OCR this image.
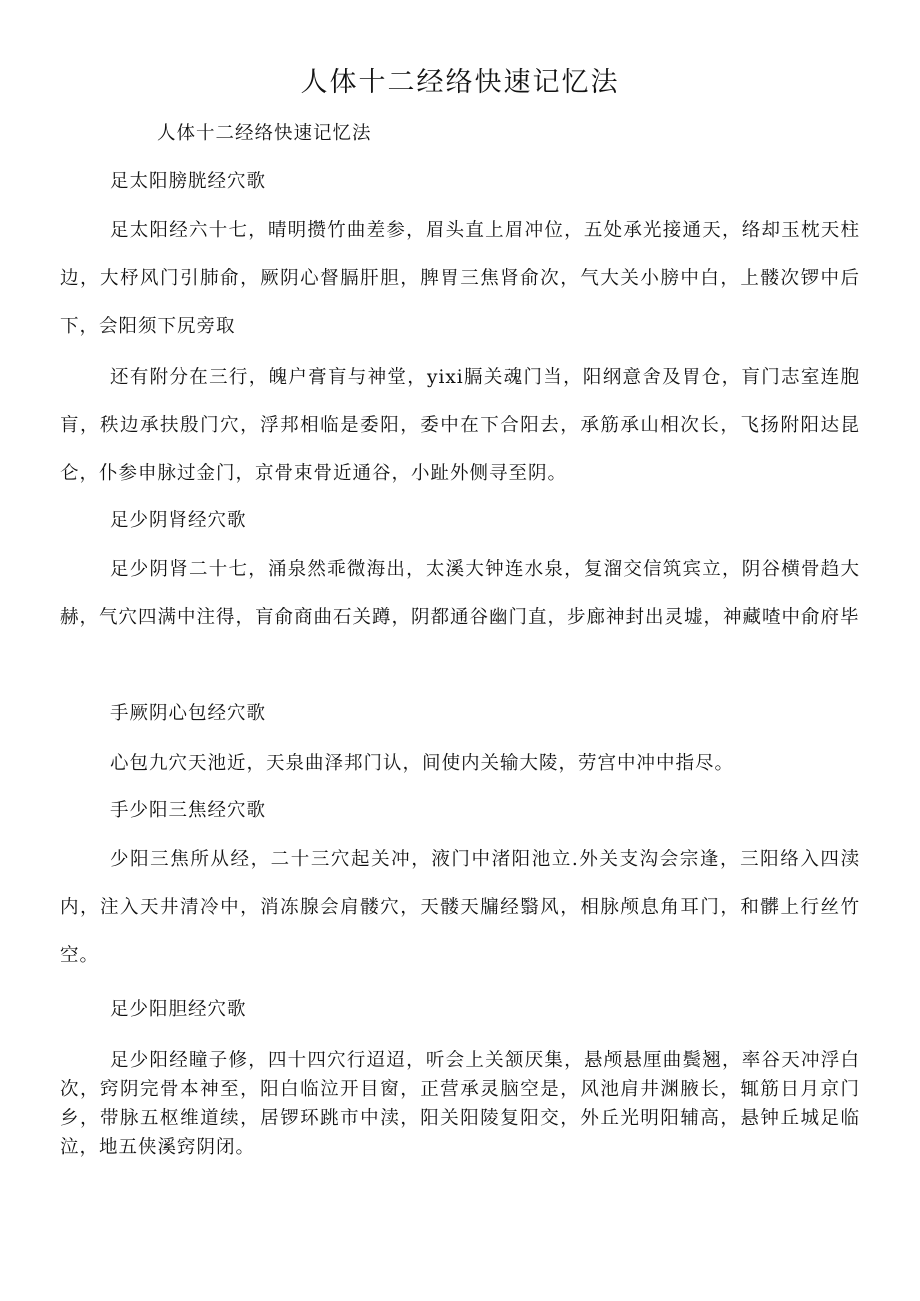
人体十二经络快速记忆法
人体十二经络快速记忆法
足太阳膀胱经穴歌
足太阳经六十七，晴明攒竹曲差参，眉头直上眉冲位，五处承光接通天，络却玉枕天柱边，大杼风门引肺俞，厥阴心督膈肝胆，脾胃三焦肾俞次，气大关小膀中白，上髅次锣中后下，会阳须下尻旁取
还有附分在三行，魄户膏肓与神堂，yixi膈关魂门当，阳纲意舍及胃仓，肓门志室连胞肓，秩边承扶殷门穴，浮邦相临是委阳，委中在下合阳去，承筋承山相次长，飞扬附阳达昆仑，仆参申脉过金门，京骨束骨近通谷，小趾外侧寻至阴。
足少阴肾经穴歌
足少阴肾二十七，涌泉然乖微海出，太溪大钟连水泉，复溜交信筑宾立，阴谷横骨趋大赫，气穴四满中注得，肓俞商曲石关蹲，阴都通谷幽门直，步廊神封出灵墟，神藏喳中俞府毕
手厥阴心包经穴歌
心包九穴天池近，天泉曲泽邦门认，间使内关输大陵，劳宫中冲中指尽。
手少阳三焦经穴歌
少阳三焦所从经，二十三穴起关冲，液门中渚阳池立.外关支沟会宗逢，三阳络入四渎内，注入天井清冷中，消冻腺会肩髅穴，天髅天牖经翳风，相脉颅息角耳门，和髒上行丝竹空。
足少阳胆经穴歌
足少阳经瞳子修，四十四穴行迢迢，听会上关颔厌集，悬颅悬厘曲鬓翘，率谷天冲浮白次，窍阴完骨本神至，阳白临泣开目窗，正营承灵脑空是，风池肩井渊腋长，辄筋日月京门乡，带脉五枢维道续，居锣环跳市中渎，阳关阳陵复阳交，外丘光明阳辅高，悬钟丘城足临泣，地五侠溪窍阴闭。
